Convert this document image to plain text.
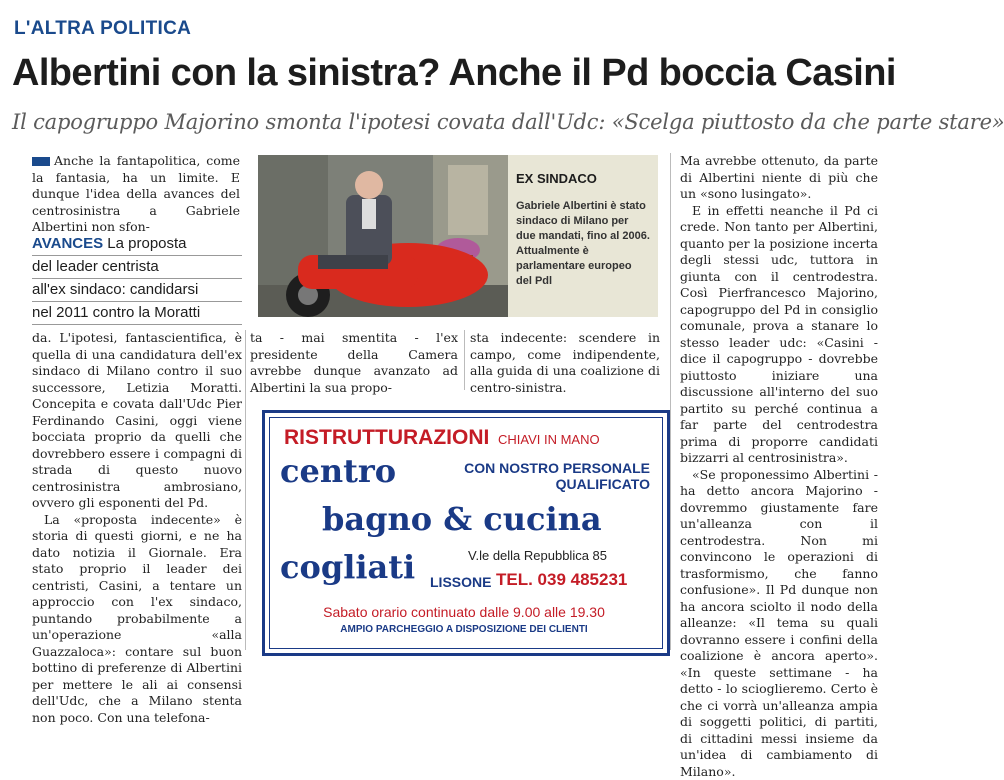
L'ALTRA POLITICA
Albertini con la sinistra? Anche il Pd boccia Casini
Il capogruppo Majorino smonta l'ipotesi covata dall'Udc: «Scelga piuttosto da che parte stare»

Anche la fantapolitica, come la fantasia, ha un limite. E dunque l'idea della avances del centrosinistra a Gabriele Albertini non sfon-

AVANCES La proposta
del leader centrista
all'ex sindaco: candidarsi
nel 2011 contro la Moratti
EX SINDACO
Gabriele Albertini è stato sindaco di Milano per due mandati, fino al 2006. Attualmente è parlamentare europeo del Pdl

da. L'ipotesi, fantascientifica, è quella di una candidatura dell'ex sindaco di Milano contro il suo successore, Letizia Moratti. Concepita e covata dall'Udc Pier Ferdinando Casini, oggi viene bocciata proprio da quelli che dovrebbero essere i compagni di strada di questo nuovo centrosinistra ambrosiano, ovvero gli esponenti del Pd.

La «proposta indecente» è storia di questi giorni, e ne ha dato notizia il Giornale. Era stato proprio il leader dei centristi, Casini, a tentare un approccio con l'ex sindaco, puntando probabilmente a un'operazione «alla Guazzaloca»: contare sul buon bottino di preferenze di Albertini per mettere le ali ai consensi dell'Udc, che a Milano stenta non poco. Con una telefona-

ta - mai smentita - l'ex presidente della Camera avrebbe dunque avanzato ad Albertini la sua propo-

sta indecente: scendere in campo, come indipendente, alla guida di una coalizione di centro-sinistra.

Ma avrebbe ottenuto, da parte di Albertini niente di più che un «sono lusingato».

E in effetti neanche il Pd ci crede. Non tanto per Albertini, quanto per la posizione incerta degli stessi udc, tuttora in giunta con il centrodestra. Così Pierfrancesco Majorino, capogruppo del Pd in consiglio comunale, prova a stanare lo stesso leader udc: «Casini - dice il capogruppo - dovrebbe piuttosto iniziare una discussione all'interno del suo partito su perché continua a far parte del centrodestra prima di proporre candidati bizzarri al centrosinistra».

«Se proponessimo Albertini - ha detto ancora Majorino - dovremmo giustamente fare un'alleanza con il centrodestra. Non mi convincono le operazioni di trasformismo, che fanno confusione». Il Pd dunque non ha ancora sciolto il nodo della alleanze: «Il tema su quali dovranno essere i confini della coalizione è ancora aperto». «In queste settimane - ha detto - lo scioglieremo. Certo è che ci vorrà un'alleanza ampia di soggetti politici, di partiti, di cittadini messi insieme da un'idea di cambiamento di Milano».

RISTRUTTURAZIONI CHIAVI IN MANO
centro	CON NOSTRO PERSONALE
QUALIFICATO
bagno & cucina
cogliati	V.le della Repubblica 85
LISSONE TEL. 039 485231
Sabato orario continuato dalle 9.00 alle 19.30
AMPIO PARCHEGGIO A DISPOSIZIONE DEI CLIENTI
